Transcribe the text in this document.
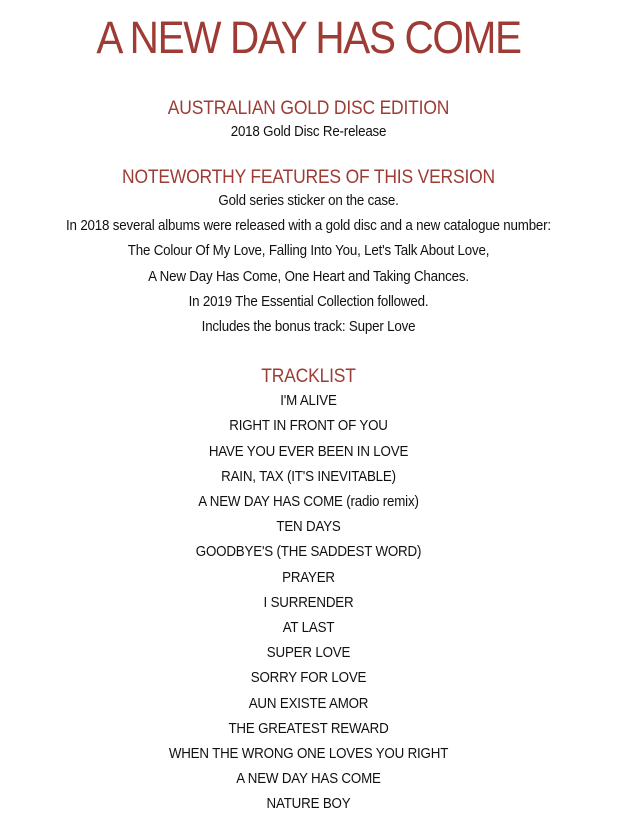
A NEW DAY HAS COME
AUSTRALIAN GOLD DISC EDITION
2018 Gold Disc Re-release
NOTEWORTHY FEATURES OF THIS VERSION
Gold series sticker on the case.
In 2018 several albums were released with a gold disc and a new catalogue number:
The Colour Of My Love, Falling Into You, Let's Talk About Love,
A New Day Has Come, One Heart and Taking Chances.
In 2019 The Essential Collection followed.
Includes the bonus track: Super Love
TRACKLIST
I'M ALIVE
RIGHT IN FRONT OF YOU
HAVE YOU EVER BEEN IN LOVE
RAIN, TAX (IT'S INEVITABLE)
A NEW DAY HAS COME (radio remix)
TEN DAYS
GOODBYE'S (THE SADDEST WORD)
PRAYER
I SURRENDER
AT LAST
SUPER LOVE
SORRY FOR LOVE
AUN EXISTE AMOR
THE GREATEST REWARD
WHEN THE WRONG ONE LOVES YOU RIGHT
A NEW DAY HAS COME
NATURE BOY
